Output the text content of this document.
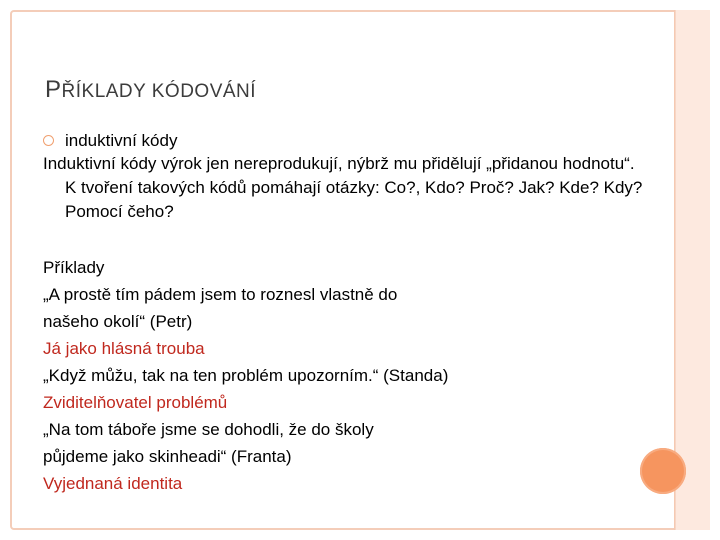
PŘÍKLADY KÓDOVÁNÍ
induktivní kódy

Induktivní kódy výrok jen nereprodukují, nýbrž mu přidělují „přidanou hodnotu“. K tvoření takových kódů pomáhají otázky: Co?, Kdo? Proč? Jak? Kde? Kdy? Pomocí čeho?

Příklady
„A prostě tím pádem jsem to roznesl vlastně do
našeho okolí“ (Petr)
Já jako hlásná trouba
„Když můžu, tak na ten problém upozorním.“ (Standa)
Zviditelňovatel problémů
„Na tom táboře jsme se dohodli, že do školy
půjdeme jako skinheadi“ (Franta)
Vyjednaná identita
